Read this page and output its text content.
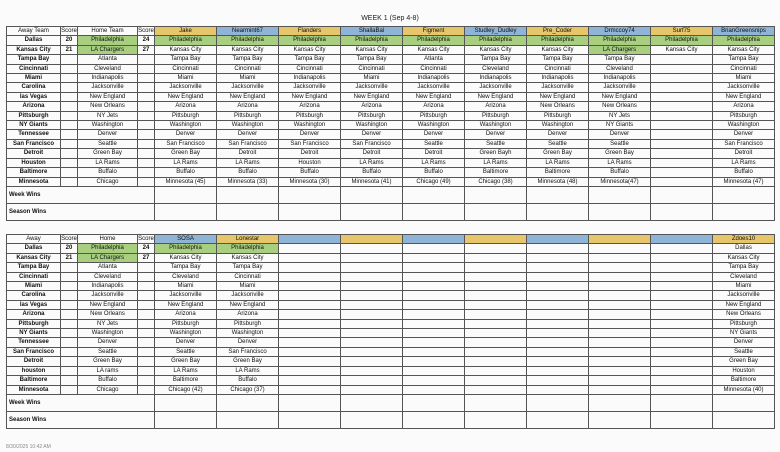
WEEK 1 (Sep 4-8)
Away Team	Score	Home Team	Score	Jake	Nearmint67	Flanders	ShallaBal	Figment	Studley_Dudley	Pre_Coder	Drmccoy74	Surf75	BrianGreensnips
Dallas	20	Philadelphia	24	Philadelphia	Philadelphia	Philadelphia	Philadelphia	Philadelphia	Philadelphia	Philadelphia	Philadelphia	Philadelphia	Philadelphia
Kansas City	21	LA Chargers	27	Kansas City	Kansas City	Kansas City	Kansas City	Kansas City	Kansas City	Kansas City	LA Chargers	Kansas City	Kansas City
Tampa Bay		Atlanta		Tampa Bay	Tampa Bay	Tampa Bay	Tampa Bay	Atlanta	Tampa Bay	Tampa Bay	Tampa Bay		Tampa Bay
Cincinnati		Cleveland		Cincinnati	Cincinnati	Cincinnati	Cincinnati	Cincinnati	Cleveland	Cincinnati	Cleveland		Cincinnati
Miami		Indianapolis		Miami	Miami	Indianapolis	Miami	Indianapolis	Indianapolis	Indianapolis	Indianapolis		Miami
Carolina		Jacksonville		Jacksonville	Jacksonville	Jacksonville	Jacksonville	Jacksonville	Jacksonville	Jacksonville	Jacksonville		Jacksonville
las Vegas		New England		New England	New England	New England	New England	New England	New England	New England	New England		New England
Arizona		New Orleans		Arizona	Arizona	Arizona	Arizona	Arizona	Arizona	New Orleans	New Orleans		Arizona
Pittsburgh		NY Jets		Pittsburgh	Pittsburgh	Pittsburgh	Pittsburgh	Pittsburgh	Pittsburgh	Pittsburgh	NY Jets		Pittsburgh
NY Giants		Washington		Washington	Washington	Washington	Washington	Washington	Washington	Washington	NY Giants		Washington
Tennessee		Denver		Denver	Denver	Denver	Denver	Denver	Denver	Denver	Denver		Denver
San Francisco		Seattle		San Francisco	San Francisco	San Francisco	San Francisco	Seattle	Seattle	Seattle	Seattle		San Francisco
Detroit		Green Bay		Green Bay	Detroit	Detroit	Detroit	Detroit	Green Bayh	Green Bay	Green Bay		Detroit
Houston		LA Rams		LA Rams	LA Rams	Houston	LA Rams	LA Rams	LA Rams	LA Rams	LA Rams		LA Rams
Baltimore		Buffalo		Buffalo	Buffalo	Buffalo	Buffalo	Buffalo	Baltimore	Baltimore	Buffalo		Buffalo
Minnesota		Chicago		Minnesota (45)	Minnesota (33)	Minnesota (30)	Minnesota (41)	Chicago (49)	Chicago (38)	Minnesota (48)	Minnesota(47)		Minnesota (47)
Week Wins													
Season Wins													
Away	Score	Home	Score	SOSA	Lonestar								Zdoes10
Dallas	20	Philadelphia	24	Philadelphia	Philadelphia								Dallas
Kansas City	21	LA Chargers	27	Kansas City	Kansas City								Kansas City
Tampa Bay		Atlanta		Tampa Bay	Tampa Bay								Tampa Bay
Cincinnati		Cleveland		Cleveland	Cincinnati								Cleveland
Miami		Indianapolis		Miami	Miami								Miami
Carolina		Jacksonville		Jacksonville	Jacksonville								Jacksonville
las Vegas		New England		New England	New England								New England
Arizona		New Orleans		Arizona	Arizona								New Orleans
Pittsburgh		NY Jets		Pittsburgh	Pittsburgh								Pittsburgh
NY Giants		Washington		Washington	Washington								NY Giants
Tennessee		Denver		Denver	Denver								Denver
San Francisco		Seattle		Seattle	San Francisco								Seattle
Detroit		Green Bay		Green Bay	Green Bay								Green Bay
houston		LA rams		LA Rams	LA Rams								Houston
Baltimore		Buffalo		Baltimore	Buffalo								Baltimore
Minnesota		Chicago		Chicago (42)	Chicago (37)								Minnesota (40)
Week Wins													
Season Wins													
8/30/2025 10:42 AM
